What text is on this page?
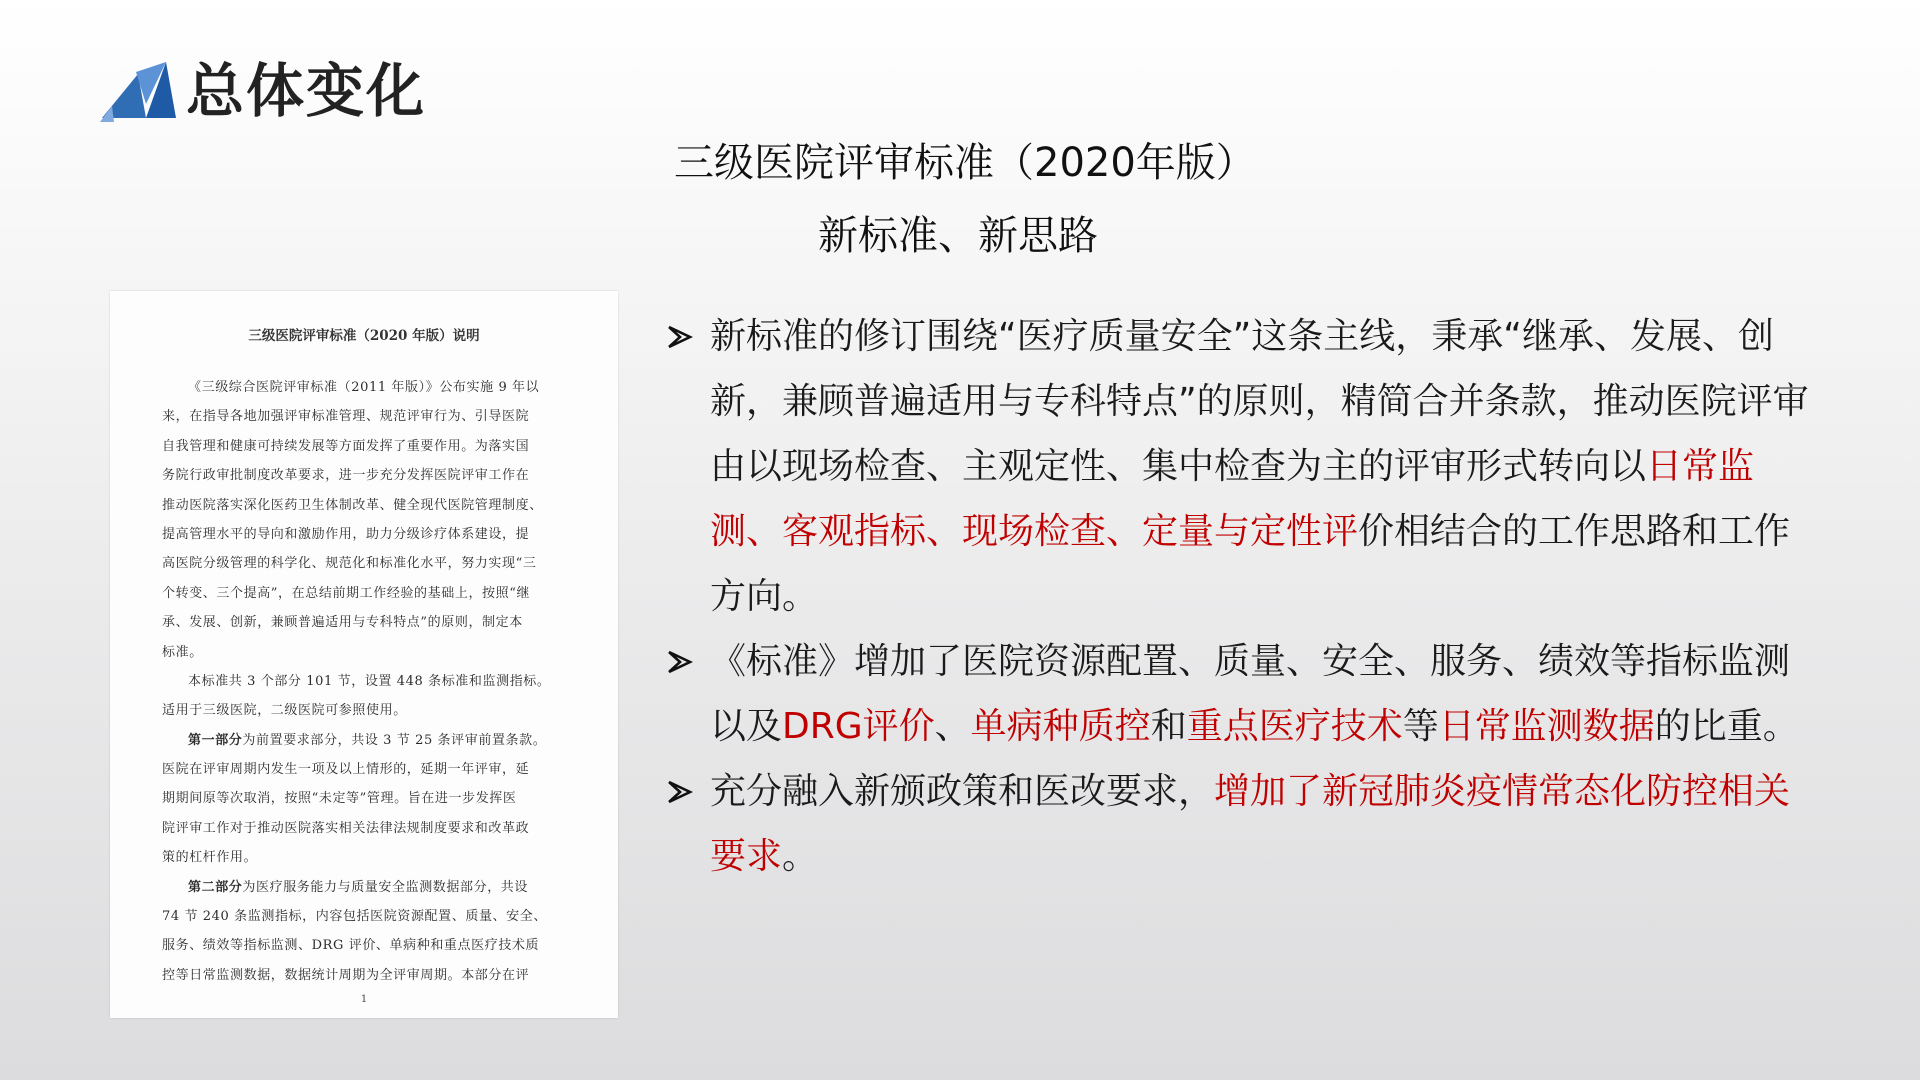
总体变化
三级医院评审标准（2020年版）
新标准、新思路
三级医院评审标准（2020 年版）说明
《三级综合医院评审标准（2011 年版）》公布实施 9 年以
来，在指导各地加强评审标准管理、规范评审行为、引导医院
自我管理和健康可持续发展等方面发挥了重要作用。为落实国
务院行政审批制度改革要求，进一步充分发挥医院评审工作在
推动医院落实深化医药卫生体制改革、健全现代医院管理制度、
提高管理水平的导向和激励作用，助力分级诊疗体系建设，提
高医院分级管理的科学化、规范化和标准化水平，努力实现“三
个转变、三个提高”，在总结前期工作经验的基础上，按照“继
承、发展、创新，兼顾普遍适用与专科特点”的原则，制定本
标准。
本标准共 3 个部分 101 节，设置 448 条标准和监测指标。
适用于三级医院，二级医院可参照使用。
第一部分为前置要求部分，共设 3 节 25 条评审前置条款。
医院在评审周期内发生一项及以上情形的，延期一年评审，延
期期间原等次取消，按照“未定等”管理。旨在进一步发挥医
院评审工作对于推动医院落实相关法律法规制度要求和改革政
策的杠杆作用。
第二部分为医疗服务能力与质量安全监测数据部分，共设
74 节 240 条监测指标，内容包括医院资源配置、质量、安全、
服务、绩效等指标监测、DRG 评价、单病种和重点医疗技术质
控等日常监测数据，数据统计周期为全评审周期。本部分在评
1
新标准的修订围绕“医疗质量安全”这条主线，秉承“继承、发展、创新，兼顾普遍适用与专科特点”的原则，精简合并条款，推动医院评审由以现场检查、主观定性、集中检查为主的评审形式转向以日常监测、客观指标、现场检查、定量与定性评价相结合的工作思路和工作方向。
《标准》增加了医院资源配置、质量、安全、服务、绩效等指标监测以及DRG评价、单病种质控和重点医疗技术等日常监测数据的比重。
充分融入新颁政策和医改要求，增加了新冠肺炎疫情常态化防控相关要求。
